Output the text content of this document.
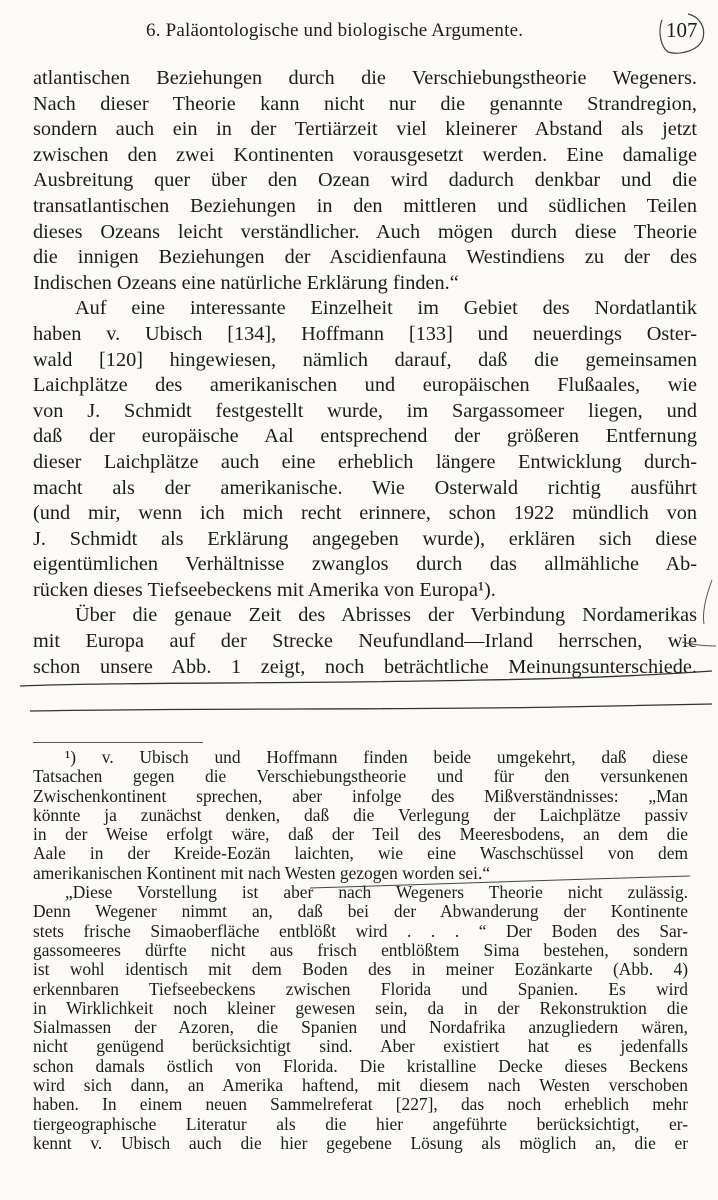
6. Paläontologische und biologische Argumente.	107
atlantischen Beziehungen durch die Verschiebungstheorie Wegeners.
Nach dieser Theorie kann nicht nur die genannte Strandregion,
sondern auch ein in der Tertiärzeit viel kleinerer Abstand als jetzt
zwischen den zwei Kontinenten vorausgesetzt werden. Eine damalige
Ausbreitung quer über den Ozean wird dadurch denkbar und die
transatlantischen Beziehungen in den mittleren und südlichen Teilen
dieses Ozeans leicht verständlicher. Auch mögen durch diese Theorie
die innigen Beziehungen der Ascidienfauna Westindiens zu der des
Indischen Ozeans eine natürliche Erklärung finden.“
Auf eine interessante Einzelheit im Gebiet des Nordatlantik
haben v. Ubisch [134], Hoffmann [133] und neuerdings Oster-
wald [120] hingewiesen, nämlich darauf, daß die gemeinsamen
Laichplätze des amerikanischen und europäischen Flußaales, wie
von J. Schmidt festgestellt wurde, im Sargassomeer liegen, und
daß der europäische Aal entsprechend der größeren Entfernung
dieser Laichplätze auch eine erheblich längere Entwicklung durch-
macht als der amerikanische. Wie Osterwald richtig ausführt
(und mir, wenn ich mich recht erinnere, schon 1922 mündlich von
J. Schmidt als Erklärung angegeben wurde), erklären sich diese
eigentümlichen Verhältnisse zwanglos durch das allmähliche Ab-
rücken dieses Tiefseebeckens mit Amerika von Europa¹).
Über die genaue Zeit des Abrisses der Verbindung Nordamerikas
mit Europa auf der Strecke Neufundland—Irland herrschen, wie
schon unsere Abb. 1 zeigt, noch beträchtliche Meinungsunterschiede.
¹) v. Ubisch und Hoffmann finden beide umgekehrt, daß diese
Tatsachen gegen die Verschiebungstheorie und für den versunkenen
Zwischenkontinent sprechen, aber infolge des Mißverständnisses: „Man
könnte ja zunächst denken, daß die Verlegung der Laichplätze passiv
in der Weise erfolgt wäre, daß der Teil des Meeresbodens, an dem die
Aale in der Kreide-Eozän laichten, wie eine Waschschüssel von dem
amerikanischen Kontinent mit nach Westen gezogen worden sei.“
„Diese Vorstellung ist aber nach Wegeners Theorie nicht zulässig.
Denn Wegener nimmt an, daß bei der Abwanderung der Kontinente
stets frische Simaoberfläche entblößt wird . . . “ Der Boden des Sar-
gassomeeres dürfte nicht aus frisch entblößtem Sima bestehen, sondern
ist wohl identisch mit dem Boden des in meiner Eozänkarte (Abb. 4)
erkennbaren Tiefseebeckens zwischen Florida und Spanien. Es wird
in Wirklichkeit noch kleiner gewesen sein, da in der Rekonstruktion die
Sialmassen der Azoren, die Spanien und Nordafrika anzugliedern wären,
nicht genügend berücksichtigt sind. Aber existiert hat es jedenfalls
schon damals östlich von Florida. Die kristalline Decke dieses Beckens
wird sich dann, an Amerika haftend, mit diesem nach Westen verschoben
haben. In einem neuen Sammelreferat [227], das noch erheblich mehr
tiergeographische Literatur als die hier angeführte berücksichtigt, er-
kennt v. Ubisch auch die hier gegebene Lösung als möglich an, die er
